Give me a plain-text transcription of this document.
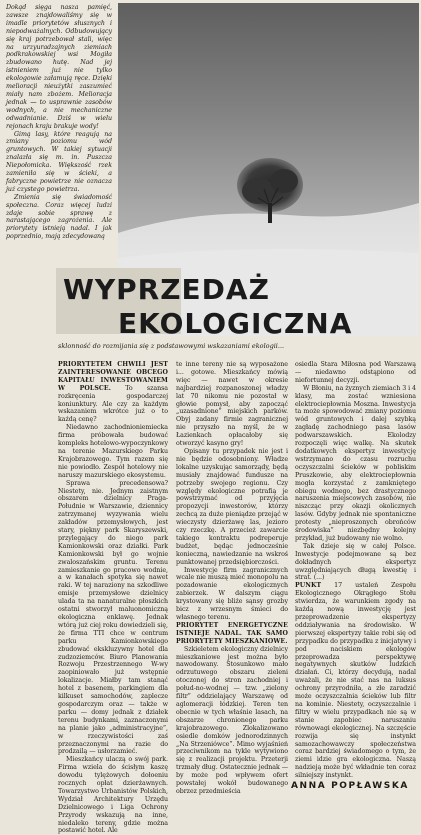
Dokąd sięga nasza pamięć, zawsze znajdowaliśmy się w imadle priorytetów słusznych i niepodważalnych. Odbudowujący się kraj potrzebował stali, więc na urzyuradzajnych ziemiach podkrakowskiej wsi Mogiła zbudowano hutę. Nad jej istnieniem już nie tylko ekologowie załamują ręce. Dzięki melioracji nieużytki zaszumieć miały nam zbożem. Melioracja jednak — to usprawnie zasobów wodnych, a nie mechaniczne odwadnianie. Dziś w wielu rejonach kraju brakuje wody!

Gimą lasy, które reagują na zmiany poziomu wód gruntowych. W takiej sytuacji znalazła się m. in. Puszcza Niepołomicka. Większość rzek zamieniła się w ścieki, a fabryczne powietrze nie oznacza już czystego powietrza.

Zmienia się świadomość społeczna. Coraz więcej ludzi zdaje sobie sprawę z narastającego zagrożenia. Ale priorytety istnieją nadal. I jak poprzednio, mają zdecydowaną

WYPRZEDAŻ
EKOLOGICZNA
sklonność do rozmijania się z podstawowymi wskazaniami ekologii...

PRIORYTETEM CHWILI JEST ZAINTERESOWANIE OBCEGO KAPITAŁU INWESTOWANIEM W POLSCE. To szansa rozkręcenia gospodarczej koniunktury. Ale czy za każdym wskazaniem wkrótce już o to każdą cenę?

Niedawno zachodnioniemiecka firma próbowała budować kompleks hotelowo-wypoczynkowy na terenie Mazurskiego Parku Krajobrazowego. Tym razem się nie powiodło. Zespół hotelowy nie naruszy mazurskiego ekosystemu.

Sprawa precedensowa? Niestety, nie. Jednym zaistnym obszarem dzielnicy Praga-Południe w Warszawie, dziennicy zatrzymanej wyzywania wielu zakładów przemysłowych, jest stary, piękny park Skaryszewski, przylegający do niego park Kamionkowski oraz działki. Park Kamionkowski był go wojnie zwaloszańskim gruntu. Terenu zamieszkanie go pracowo wodnie, a w kanałach spotyka się nawet raki. W tej naraziony na szkodliwe emisje przemysłowe dzielnicy ulada ta na nanaturalne płoszkich ostatni stworzył maluonomiczną ekologiczna enklawę. Jednak wtórą już ciej roku dowiedzieli się, że firma TTI chce w centrum parku Kamionkowskiego zbudować ekskluzywny hotel dla zudzoziemców. Biuro Planowania Rozwoju Przestrzennego W-wy zaopiniowało już wstępnie lokalizacje. Miałby tam stanąć hotel z basenem, parkingiem dla kilkuset samochodów, zaplecze gospodarczym oraz — także w parku — domy jednak z działek terenu budynkami, zaznaczonymi na planie jako „administracyjne”, w rzeczywistości zaś przeznaczonymi na razie do prodzailą — usłorzamieć.

Mieszkańcy ulaczą o swój park. Firma wziela do ścisłym kaszę dowodu tylężowych dołoeniu rocznych opłat dzierżawnych. Towarzystwo Urbanistów Polskich, Wydział Architektury Urzędu Dzielnicowego i Liga Ochrony Przyrody wskazują na inne, niedaleko tereny, gdzie można postawić hotel. Ale

te inne tereny nie są wyposażone i... gotowe. Mieszkańcy mówią więc — nawet w okresie najbardziej rozpanoszonej władzy lat 70 nikomu nie pozostał w głowie pomysł, aby zapocząć „uzasadnione” miejskich parków. Obyj zadany firmie zagranicznej nie przyszło na myśl, że w Łazienkach opłacałoby się otworzyć kasyno gry!

Opisany tu przypadek nie jest i nie będzie odosobniony. Władze lokalne uzyskując samorządy, będą musiały znajdować fundusze na potrzeby swojego regionu. Czy względy ekologiczne potrafią je powstrzymać od przyjęcia propozycji inwestorów, którzy zechcą za duże pieniądze przejąć w wieczysty dzierżawę las, jezioro czy rzeczkę. A przecież zawarcie takiego kontraktu podreperuje budżet, będąc jednocześnie konieczną, nawiedzanie na wskroś punktowanej przedsiębiorczości.

Inwestycje firm zagranicznych wcale nie muszą mieć monopolu na pozadowanie ekologicznych zabierzek. W dalszym ciągu krystowany się bliże sąnsy grozby bicz z wrzesnym śmieci do własnego terenu.

PRIORYTET ENERGETYCZNE ISTNIEJE NADAL. TAK SAMO PRIORYTETY MIESZKANIOWE.

Szkieletem ekologiczny dzielnicy mieszkaniowe jest można było nawodowany. Stosunkowo mało odrzutuwego obszaru zieleni otoczonej do stron zachodniej i połud-no-wodnej — tzw. „zielony filtr” oddzielający Warszawę od aglomeracji łódzkiej. Teren ten obecnie w tych właśnie lasach, na obszarze chronionego parku krajobrazowego. Zlokalizowano osiedle domków jednorodzinnych „Na Strzeniówce”. Mimo wyjaśnień przeciwnikom na tykle wytywiono się z realizacji projektu. Przeterji trzmały dług. Ostatecznie jednak — by może pod wpływem ofert powstałej wokół budowanego obrzez przedmieścia

osiedla Stara Miłosna pod Warszawą — niedawno odstąpiono od niefortunnej decyzji.

W Błoniu, na żyznych ziemiach 3 i 4 klasy, ma zostać wzniesiona elektrociepłownia Mosznа. Inwestycja ta może spowodować zmiany poziomu wód gruntowych i dalej szybką zagładę zachodniego pasa lasów podwarszawskich. Ekolodzy rozpoczęli więc walkę. Na skutek dodatkowych ekspertyz inwestycję wstrzymano do czasu rozruchu oczyszczalni ścieków w pobliskim Pruszkowie, aby elektrociepłownia mogła korzystać z zamkniętego obiegu wodnego, bez drastycznego naruszenia miejscowych zasobów, nie niszcząc przy okazji okolicznych lasów. Gdyby jednak nie spontaniczne protesty „nieproszonych obrońców środowiska” niezbędny kolejny przykład, już budowany nie wolno.

Tak dzieje się w całej Polsce. Inwestycje podejmowane są bez dokładnych ekspertyz uwzględniających długą kwestię i strat. (...)

PUNKT 17 ustaleń Zespołu Ekologicznego Okrągłego Stołu stwierdza, że warunkiem zgody na każdą nową inwestycję jest przeprowadzenie ekspertyzy oddziaływania na środowisko. W pierwszej ekspertyzy takie robi się od przypadku do przypadku z inicjatywy i pod naciskiem ekologów przeprowadza perspektywę negatywnych skutków ludzkich działań. Ci, którzy decydują, nadal uważali, że nie stać nas na luksus ochrony przyrodniła, a złe zaradzić może oczyszczalnia ścieków lub filtr na kominie. Niestety, oczyszczalnie i filtry w wielu przypadkach nie są w stanie zapobiec naruszaniu równowagi ekologicznej. Na szczęście rozwija się instynkt samozachowawczy społeczeństwa coraz bardziej świadomego o tym, że ziemi idzie gra ekologiczna. Naszą nadzieją może być wkładnie ten coraz silniejszy instynkt.

ANNA POPŁAWSKA
